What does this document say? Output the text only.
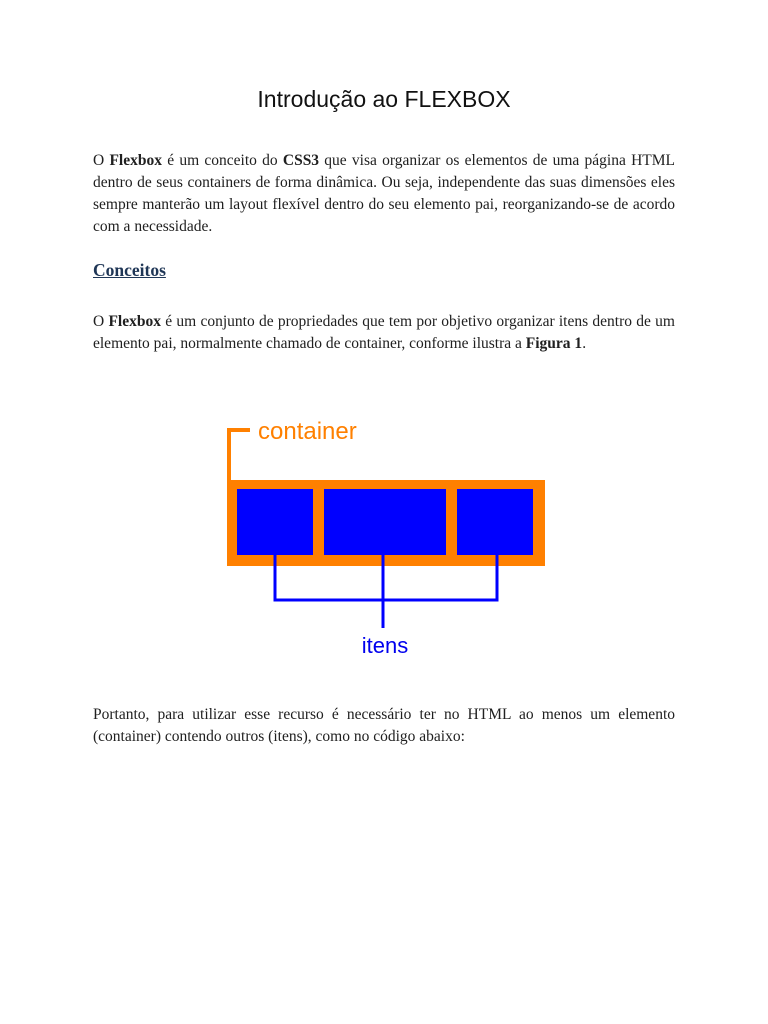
Introdução ao FLEXBOX

O Flexbox é um conceito do CSS3 que visa organizar os elementos de uma página HTML dentro de seus containers de forma dinâmica. Ou seja, independente das suas dimensões eles sempre manterão um layout flexível dentro do seu elemento pai, reorganizando-se de acordo com a necessidade.

Conceitos

O Flexbox é um conjunto de propriedades que tem por objetivo organizar itens dentro de um elemento pai, normalmente chamado de container, conforme ilustra a Figura 1.

container
itens

Portanto, para utilizar esse recurso é necessário ter no HTML ao menos um elemento (container) contendo outros (itens), como no código abaixo:
